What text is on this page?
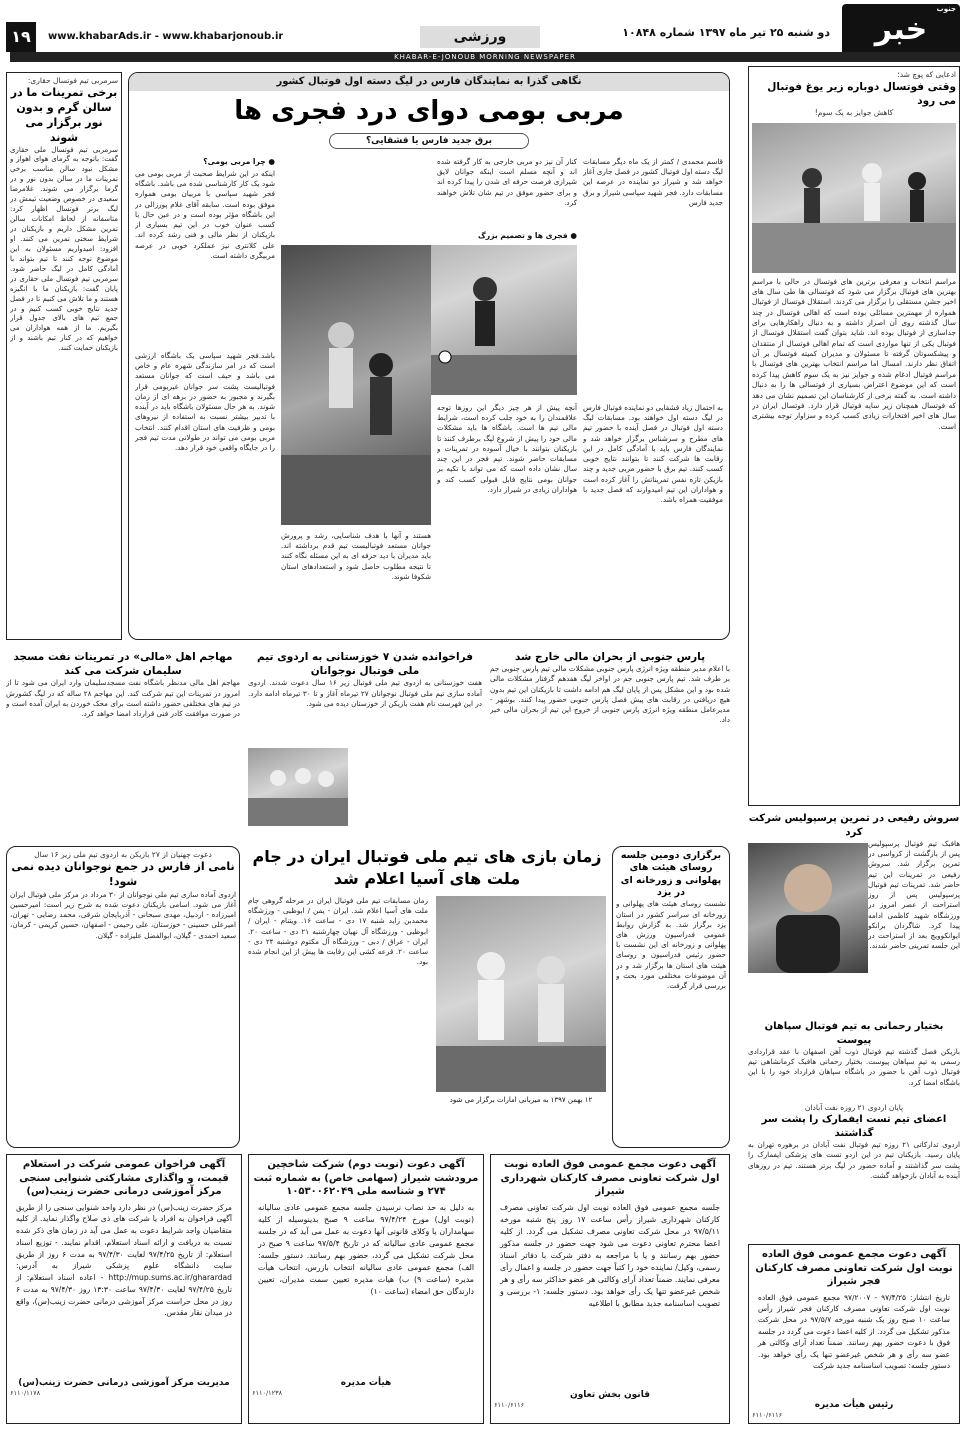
خبر
جنوب
دو شنبه ۲۵ تیر ماه ۱۳۹۷ شماره ۱۰۸۴۸
ورزشی
www.khabarAds.ir - www.khabarjonoub.ir
۱۹
KHABAR-E-JONOUB MORNING NEWSPAPER
ادعایی که پوچ شد؛
وقتی فوتسال دوباره زیر یوغ فوتبال می رود
کاهش جوایز به یک سوم!
مراسم انتخاب و معرفی برترین های فوتسال در حالی با مراسم بهترین های فوتبال برگزار می شود که فوتسالی ها طی سال های اخیر جشن مستقلی را برگزار می کردند. استقلال فوتسال از فوتبال همواره از مهمترین مسائلی بوده است که اهالی فوتسال در چند سال گذشته روی آن اصرار داشته و به دنبال راهکارهایی برای جداسازی از فوتبال بوده اند. شاید بتوان گفت استقلال فوتسال از فوتبال یکی از تنها مواردی است که تمام اهالی فوتسال از منتقدان و پیشکسوتان گرفته تا مسئولان و مدیران کمیته فوتسال بر آن اتفاق نظر دارند. امسال اما مراسم انتخاب بهترین های فوتسال با مراسم فوتبال ادغام شده و جوایز نیز به یک سوم کاهش پیدا کرده است که این موضوع اعتراض بسیاری از فوتسالی ها را به دنبال داشته است. به گفته برخی از کارشناسان این تصمیم نشان می دهد که فوتسال همچنان زیر سایه فوتبال قرار دارد. فوتسال ایران در سال های اخیر افتخارات زیادی کسب کرده و سزاوار توجه بیشتری است.
سروش رفیعی در تمرین پرسپولیس شرکت کرد
هافبک تیم فوتبال پرسپولیس پس از بازگشت از کرواسی در تمرین برگزار شد. سروش رفیعی در تمرینات این تیم حاضر شد. تمرینات تیم فوتبال پرسپولیس پس از روز استراحت از عصر امروز در ورزشگاه شهید کاظمی ادامه پیدا کرد. شاگردان برانکو ایوانکوویچ بعد از استراحت در این جلسه تمرینی حاضر شدند.
بختیار رحمانی به تیم فوتبال سپاهان پیوست
بازیکن فصل گذشته تیم فوتبال ذوب آهن اصفهان با عقد قراردادی رسمی به تیم سپاهان پیوست. بختیار رحمانی هافبک کرمانشاهی تیم فوتبال ذوب آهن با حضور در باشگاه سپاهان قرارداد خود را با این باشگاه امضا کرد.
پایان اردوی ۲۱ روزه نفت آبادان
اعضای تیم تست ایفمارک را پشت سر گذاشتند
اردوی تدارکاتی ۲۱ روزه تیم فوتبال نفت آبادان در برهوره تهران به پایان رسید. بازیکنان تیم در این اردو تست های پزشکی ایفمارک را پشت سر گذاشتند و آماده حضور در لیگ برتر هستند. تیم در روزهای آینده به آبادان بازخواهد گشت.
آگهی دعوت مجمع عمومی فوق العاده نوبت اول شرکت تعاونی مصرف کارکنان فجر شیراز
تاریخ انتشار: ۹۷/۴/۲۵ - ۹۷/۲۰۰۷ مجمع عمومی فوق العاده نوبت اول شرکت تعاونی مصرف کارکنان فجر شیراز رأس ساعت ۱۰ صبح روز یک شنبه مورخه ۹۷/۵/۷ در محل شرکت مذکور تشکیل می گردد. از کلیه اعضا دعوت می گردد در جلسه فوق با دعوت حضور بهم رسانند. ضمناً تعداد آرای وکالتی هر عضو سه رأی و هر شخص غیرعضو تنها یک رأی خواهد بود. دستور جلسه: تصویب اساسنامه جدید شرکت
رئیس هیأت مدیره
۶۱۱۰/۶۱۱۶
نگاهی گذرا به نمایندگان فارس در لیگ دسته اول فوتبال کشور
مربی بومی دوای درد فجری ها
برق جدید فارس یا قشقایی؟
قاسم محمدی / کمتر از یک ماه دیگر مسابقات لیگ دسته اول فوتبال کشور در فصل جاری آغاز خواهد شد و شیراز دو نماینده در عرصه این مسابقات دارد. فجر شهید سپاسی شیراز و برق جدید فارس
کنار آن نیز دو مربی خارجی به کار گرفته شده اند و آنچه مسلم است اینکه جوانان لایق شیرازی فرصت حرفه ای شدن را پیدا کرده اند و برای حضور موفق در تیم شان تلاش خواهند کرد.
● فجری ها و تصمیم بزرگ
● چرا مربی بومی؟
اینکه در این شرایط صحبت از مربی بومی می شود یک کار کارشناسی شده می باشد. باشگاه فجر شهید سپاسی با مربیان بومی همواره موفق بوده است. سابقه آقای غلام پورزالی در این باشگاه مؤثر بوده است و در عین حال با کسب عنوان خوب در این تیم بسیاری از بازیکنان از نظر مالی و فنی رشد کرده اند. علی کلانتری نیز عملکرد خوبی در عرصه مربیگری داشته است.
باشد.فجر شهید سپاسی یک باشگاه ارزشی است که در امر سازندگی شهره عام و خاص می باشد و حیف است که جوانان مستعد فوتبالیست پشت سر جوانان غیربومی قرار بگیرند و مجبور به حضور در برهه ای از زمان شوند. به هر حال مسئولان باشگاه باید در آینده با تدبیر بیشتر نسبت به استفاده از نیروهای بومی و ظرفیت های استان اقدام کنند. انتخاب مربی بومی می تواند در طولانی مدت تیم فجر را در جایگاه واقعی خود قرار دهد.
به احتمال زیاد قشقایی دو نماینده فوتبال فارس در لیگ دسته اول خواهند بود. مسابقات لیگ دسته اول فوتبال در فصل آینده با حضور تیم های مطرح و سرشناس برگزار خواهد شد و نمایندگان فارس باید با آمادگی کامل در این رقابت ها شرکت کنند تا بتوانند نتایج خوبی کسب کنند. تیم برق با حضور مربی جدید و چند بازیکن تازه نفس تمریناتش را آغاز کرده است و هواداران این تیم امیدوارند که فصل جدید با موفقیت همراه باشد.
آنچه پیش از هر چیز دیگر این روزها توجه علاقمندان را به خود جلب کرده است، شرایط مالی تیم ها است. باشگاه ها باید مشکلات مالی خود را پیش از شروع لیگ برطرف کنند تا بازیکنان بتوانند با خیال آسوده در تمرینات و مسابقات حاضر شوند. تیم فجر در این چند سال نشان داده است که می تواند با تکیه بر جوانان بومی نتایج قابل قبولی کسب کند و هواداران زیادی در شیراز دارد.
هستند و آنها با هدف شناسایی، رشد و پرورش جوانان مستعد فوتبالیست تیم قدم برداشته اند. باید مدیران با دید حرفه ای به این مسئله نگاه کنند تا نتیجه مطلوب حاصل شود و استعدادهای استان شکوفا شوند.
سرمربی تیم فوتسال حقاری:
برخی تمرینات ما در سالن گرم و بدون نور برگزار می شوند
سرمربی تیم فوتسال ملی حقاری گفت: باتوجه به گرمای هوای اهواز و مشکل نبود سالن مناسب برخی تمرینات ما در سالن بدون نور و در گرما برگزار می شوند. غلامرضا سعیدی در خصوص وضعیت تیمش در لیگ برتر فوتسال اظهار کرد: متاسفانه از لحاظ امکانات سالن تمرین مشکل داریم و بازیکنان در شرایط سختی تمرین می کنند. او افزود: امیدواریم مسئولان به این موضوع توجه کنند تا تیم بتواند با آمادگی کامل در لیگ حاضر شود. سرمربی تیم فوتسال ملی حقاری در پایان گفت: بازیکنان ما با انگیزه هستند و ما تلاش می کنیم تا در فصل جدید نتایج خوبی کسب کنیم و در جمع تیم های بالای جدول قرار بگیریم. ما از همه هواداران می خواهیم که در کنار تیم باشند و از بازیکنان حمایت کنند.
پارس جنوبی از بحران مالی خارج شد
با اعلام مدیر منطقه ویژه انرژی پارس جنوبی مشکلات مالی تیم پارس جنوبی جم بر طرف شد. تیم پارس جنوبی جم در اواخر لیگ هفدهم گرفتار مشکلات مالی شده بود و این مشکل پس از پایان لیگ هم ادامه داشت تا بازیکنان این تیم بدون هیچ دریافتی در رقابت های پیش فصل پارس جنوبی حضور پیدا کنند. بوشهر - مدیرعامل منطقه ویژه انرژی پارس جنوبی از خروج این تیم از بحران مالی خبر داد.
فراخوانده شدن ۷ خوزستانی به اردوی تیم ملی فوتبال نوجوانان
هفت خوزستانی به اردوی تیم ملی فوتبال زیر ۱۶ سال دعوت شدند. اردوی آماده سازی تیم ملی فوتبال نوجوانان ۲۷ تیرماه آغاز و تا ۳۰ تیرماه ادامه دارد. در این فهرست نام هفت بازیکن از خوزستان دیده می شود.
مهاجم اهل «مالی» در تمرینات نفت مسجد سلیمان شرکت می کند
مهاجم اهل مالی مدنظر باشگاه نفت مسجدسلیمان وارد ایران می شود تا از امروز در تمرینات این تیم شرکت کند. این مهاجم ۲۸ ساله که در لیگ کشورش در تیم های مختلفی حضور داشته است برای محک خوردن به ایران آمده است و در صورت موافقت کادر فنی قرارداد امضا خواهد کرد.
برگزاری دومین جلسه روسای هیئت های پهلوانی و زورخانه ای در یزد
نشست روسای هیئت های پهلوانی و زورخانه ای سراسر کشور در استان یزد برگزار شد. به گزارش روابط عمومی فدراسیون ورزش های پهلوانی و زورخانه ای این نشست با حضور رئیس فدراسیون و روسای هیئت های استان ها برگزار شد و در آن موضوعات مختلفی مورد بحث و بررسی قرار گرفت.
زمان بازی های تیم ملی فوتبال ایران در جام ملت های آسیا اعلام شد
زمان مسابقات تیم ملی فوتبال ایران در مرحله گروهی جام ملت های آسیا اعلام شد. ایران - یمن / ابوظبی - ورزشگاه محمدبن زاید شنبه ۱۷ دی - ساعت ۱۶. ویتنام - ایران / ابوظبی - ورزشگاه آل نهیان چهارشنبه ۲۱ دی - ساعت ۲۰. ایران - عراق / دبی - ورزشگاه آل مکتوم دوشنبه ۲۴ دی - ساعت ۲۰. قرعه کشی این رقابت ها پیش از این انجام شده بود.
۱۲ بهمن ۱۳۹۷ به میزبانی امارات برگزار می شود
دعوت چهنیان از ۲۷ بازیکن به اردوی تیم ملی زیر ۱۶ سال
نامی از فارس در جمع نوجوانان دیده نمی شود!
اردوی آماده سازی تیم ملی نوجوانان از ۳۰ مرداد در مرکز ملی فوتبال ایران آغاز می شود. اسامی بازیکنان دعوت شده به شرح زیر است: امیرحسین امیرزاده - اردبیل، مهدی سبحانی - آذربایجان شرقی، محمد رضایی - تهران، امیرعلی حسینی - خوزستان، علی رحیمی - اصفهان، حسین کریمی - کرمان، سعید احمدی - گیلان، ابوالفضل علیزاده - گیلان.
آگهی دعوت مجمع عمومی فوق العاده نوبت اول شرکت تعاونی مصرف کارکنان شهرداری شیراز
جلسه مجمع عمومی فوق العاده نوبت اول شرکت تعاونی مصرف کارکنان شهرداری شیراز رأس ساعت ۱۷ روز پنج شنبه مورخه ۹۷/۵/۱۱ در محل شرکت تعاونی مصرف تشکیل می گردد. از کلیه اعضا محترم تعاونی دعوت می شود جهت حضور در جلسه مذکور حضور بهم رسانند و یا با مراجعه به دفتر شرکت با دفاتر اسناد رسمی، وکیل/ نماینده خود را کتباً جهت حضور در جلسه و اعمال رأی معرفی نمایند. ضمناً تعداد آرای وکالتی هر عضو حداکثر سه رأی و هر شخص غیرعضو تنها یک رأی خواهد بود. دستور جلسه: ۱- بررسی و تصویب اساسنامه جدید مطابق با اطلاعیه
قانون بخش تعاون
۶۱۱۰/۶۱۱۶
آگهی دعوت (نوبت دوم) شرکت شاخچین مرودشت شیراز (سهامی خاص) به شماره ثبت ۲۷۴ و شناسه ملی ۱۰۵۳۰۰۶۲۰۴۹
به دلیل به حد نصاب نرسیدن جلسه مجمع عمومی عادی سالیانه (نوبت اول) مورخ ۹۷/۴/۲۴ ساعت ۹ صبح بدینوسیله از کلیه سهامداران یا وکلای قانونی آنها دعوت به عمل می آید که در جلسه مجمع عمومی عادی سالیانه که در تاریخ ۹۷/۵/۴ ساعت ۹ صبح در محل شرکت تشکیل می گردد، حضور بهم رسانند. دستور جلسه: الف) مجمع عمومی عادی سالیانه انتخاب بازرس، انتخاب هیأت مدیره (ساعت ۹) ب) هیات مدیره تعیین سمت مدیران، تعیین دارندگان حق امضاء (ساعت ۱۰)
هیأت مدیره
۶۱۱۰/۱۲۳۸
آگهی فراخوان عمومی شرکت در استعلام قیمت، و واگذاری مشارکتی شنوایی سنجی مرکز آموزشی درمانی حضرت زینب(س)
مرکز حضرت زینب(س) در نظر دارد واحد شنوایی سنجی را از طریق آگهی فراخوان به افراد یا شرکت های ذی صلاح واگذار نماید. از کلیه متقاضیان واجد شرایط دعوت به عمل می آید در زمان های ذکر شده نسبت به دریافت و ارائه اسناد استعلام، اقدام نمایند. - توزیع اسناد استعلام: از تاریخ ۹۷/۴/۲۵ لغایت ۹۷/۴/۳۰ به مدت ۶ روز از طریق سایت دانشگاه علوم پزشکی شیراز به آدرس: http://mup.sums.ac.ir/gharardad - اعاده اسناد استعلام: از تاریخ ۹۷/۴/۲۵ لغایت ۹۷/۴/۳۰ ساعت ۱۳:۳۰ روز ۹۷/۴/۳۰ به مدت ۶ روز در محل حراست مرکز آموزشی درمانی حضرت زینب(س)، واقع در میدان نقار مقدس.
مدیریت مرکز آموزشی درمانی حضرت زینب(س)
۶۱۱۰/۱۱۷۸
